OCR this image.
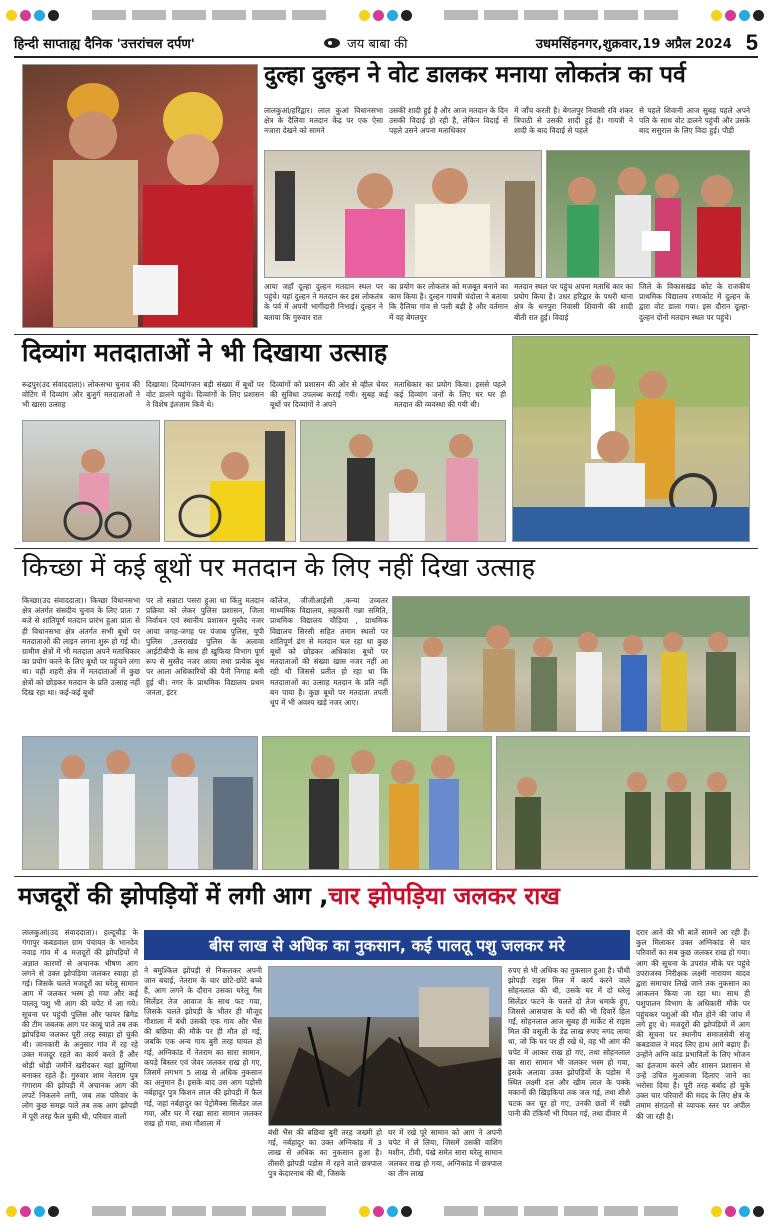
हिन्दी साप्ताह्य दैनिक 'उत्तरांचल दर्पण'	जय बाबा की	उधमसिंहनगर,शुक्रवार,19 अप्रैल 2024 5
दुल्हा दुल्हन ने वोट डालकर मनाया लोकतंत्र का पर्व
लालकुआं/हरिद्वार। लाल कुआं विधानसभा क्षेत्र के दैलिया मतदान केंद्र पर एक ऐसा नजारा देखने को सामने
उसकी शादी हुई है और आज मतदान के दिन उसकी विदाई हो रही है, लेकिन विदाई से पहले उसने अपना मताधिकार
में जाँच करती है। बेगलपुर निवासी रवि शंकर त्रिपाठी से उसकी शादी हुई है। गायत्री ने शादी के बाद विदाई से पहले
से पहले शिवानी आज सुबह पहले अपने पति के साथ वोट डालने पहुंची और उसके बाद ससुराल के लिए विदा हुई। पौड़ी
आया जहाँ दूल्हा दुल्हन मतदान स्थल पर पहुंचे। यहां दुल्हन ने मतदान कर इस लोकतंत्र के पर्व में अपनी भागीदारी निभाई। दुल्हन ने बताया कि गुरुवार रात
का प्रयोग कर लोकतंत्र को मजबूत बनाने का काम किया है। दुल्हन गायत्री चंदोला ने बताया कि दैलिया गांव से पली बढ़ी है और वर्तमान में वह बेगलपुर
मतदान स्थल पर पहुंच अपना मताधि कार का प्रयोग किया है। उधर हरिद्वार के पथरी थाना क्षेत्र के धनपुरा निवासी शिवानी की शादी बीती रात हुई। विदाई
जिले के विकासखंड कोट के राजकीय प्राथमिक विद्यालय रणाकोट में दुल्हन के द्वारा वोट डाला गया। इस दौरान दूल्हा-दुल्हन दोनों मतदान स्थल पर पहुंचे।
दिव्यांग मतदाताओं ने भी दिखाया उत्साह
रूद्रपुर(उद संवाददाता)। लोकसभा चुनाव की वोटिंग में दिव्यांग और बुजुर्ग मतदाताओं ने भी खासा उत्साह
दिखाया। दिव्यांगजन बड़ी संख्या में बूथों पर वोट डालने पहुंचे। दिव्यांगों के लिए प्रशासन ने विशेष इंतजाम किये थे।
दिव्यांगों को प्रशासन की ओर से व्हील चेयर की सुविधा उपलब्ध कराई गयी। सुबह कई बूथों पर दिव्यांगों ने अपने
मताधिकार का प्रयोग किया। इससे पहले कई दिव्यांग जनों के लिए घर घर ही मतदान की व्यवस्था की गयी थी।
किच्छा में कई बूथों पर मतदान के लिए नहीं दिखा उत्साह
किच्छा(उद संवाददाता)। किच्छा विधानसभा क्षेत्र अंतर्गत संसदीय चुनाव के लिए प्रातः 7 बजे से शांतिपूर्ण मतदान प्रारंभ हुआ प्रातः से ही विधानसभा क्षेत्र अंतर्गत सभी बूथों पर मतदाताओं की लाइन लगना शुरू हो गई थी। ग्रामीण क्षेत्रों में भी मतदाता अपने मताधिकार का प्रयोग करने के लिए बूथों पर पहुंचने लगा था। वहीं शहरी क्षेत्र में मतदाताओं में कुछ क्षेत्रों को छोड़कर मतदान के प्रति उत्साह नहीं दिख रहा था। कई-कई बूथों
पर तो सन्नाटा पसरा हुआ था किंतु मतदान प्रक्रिया को लेकर पुलिस प्रशासन, जिला निर्वाचन एवं स्थानीय प्रशासन मुस्तैद नजर आया जगह-जगह पर पंजाब पुलिस, यूपी पुलिस ,उत्तराखंड पुलिस के अलावा आईटीबीपी के साथ ही खुफिया विभाग पूर्ण रूप से मुस्तैद नजर आया तथा प्रत्येक बूथ पर आला अधिकारियों की पैनी निगाह बनी हुई थी। नगर के प्राथमिक विद्यालय प्रथम जनता, इंटर
कॉलेज, जीजीआईसी ,कन्या उच्चतर माध्यमिक विद्यालय, सहकारी गन्ना समिति, प्राथमिक विद्यालय चौड़िया , प्राथमिक विद्यालय सिरसी सहित तमाम स्थलों पर शांतिपूर्ण ढंग से मतदान चल रहा था कुछ बूथों को छोड़कर अधिकांश बूथों पर मतदाताओं की संख्या खास नजर नहीं आ रही थी जिससे प्रतीत हो रहा था कि मतदाताओं का उत्साह मतदान के प्रति नहीं बन पाया है। कुछ बूथों पर मतदाता तपती धूप में भी अवश्य खड़े नजर आए।
मजदूरों की झोपड़ियों में लगी आग ,चार झोपड़िया जलकर राख
लालकुआं(उद संवाददाता)। हल्दूचौड़ के गंगापुर कबडवाल ग्राम पंचायत के भानदेव नवाड़ गांव में 4 मजदूरों की झोपड़ियों में अज्ञात कारणों से अचानक भीषण आग लगने से उक्त झोपड़िया जलकर स्वाहा हो गई। जिसके चलते मजदूरों का घरेलू सामान आग में जलकर भस्म हो गया और कई पालतू पशु भी आग की चपेट में आ गये। सूचना पर पहुंची पुलिस और फायर ब्रिगेड की टीम जबतक आग पर काबू पाते तब तक झोपड़िया जलकर पूरी तरह स्वाहा हो चुकी थी। जानकारी के अनुसार गांव में रह रहे उक्त मजदूर रहते का कार्य करते हैं और थोड़ी थोड़ी जमीनें खरीदकर यहां झुग्गियां बनाकर रहते हैं। गुरुवार शाम नेतराम पुत्र गंगाराम की झोपड़ी में अचानक आग की लपटें निकलने लगी, जब तक परिवार के लोग कुछ समझ पाते तब तक आग झोपड़ी में पूरी तरह फैल चुकी थी, परिवार वालों
बीस लाख से अधिक का नुकसान, कई पालतू पशु जलकर मरे
ने बमुश्किल झोपड़ी से निकलकर अपनी जान बचाई, नेतराम के चार छोटे-छोटे बच्चे हैं, आग लगने के दौरान उसका घरेलू गैस सिलेंडर तेज आवाज के साथ फट गया, जिसके चलते झोपड़ी के भीतर ही मौजूद गौशाला में बंधी उसकी एक गाय और भैंस की बछिया की मौके पर ही मौत हो गई, जबकि एक अन्य गाय बुरी तरह घायल हो गई, अग्निकांड में नेतराम का सारा सामान, कपड़े बिस्तर एवं जेवर जलकर राख हो गए, जिसमें लगभग 5 लाख से अधिक नुकसान का अनुमान है। इसके बाद उस आग पड़ोसी नर्बहादुर पुत्र किशन लाल की झोपड़ी में फैल गई, जहां नर्बहादुर का पेट्रोमैक्स सिलेंडर जल गया, और घर में रखा सारा सामान जलकर राख हो गया, तथा गौशाला में
बंधी भैंस की बछिया बुरी तरह जख्मी हो गई, नर्बहादुर का उक्त अग्निकांड में 3 लाख से अधिक का नुकसान हुआ है। तीसरी झोपड़ी पड़ोस में रहने वाले छत्रपाल पुत्र केदारनाथ की थी, जिसके
घर में रखे पूरे सामान को आग ने अपनी चपेट में ले लिया, जिसमें उसकी वाशिंग मशीन, टीवी, पंखे समेत सारा घरेलू सामान जलकर राख हो गया, अग्निकांड में छत्रपाल का तीन लाख
रुपए से भी अधिक का नुकसान हुआ है। चौथी झोपड़ी राइस मिल में कार्य करने वाले सोहनलाल की थी, उसके घर में दो घरेलू सिलेंडर फटने के चलते दो तेज धमाके हुए, जिससे आसपास के घरों की भी दिवारें हिल गईं, सोहनलाल आज सुबह ही मार्केट से राइस मिल की वसूली के डेढ़ लाख रुपए नगद लाया था, जो कि घर पर ही रखे थे, वह भी आग की चपेट में आकर राख हो गए, तथा सोहनलाल का सारा सामान भी जलकर भस्म हो गया, इसके अलावा उक्त झोपड़ियों के पड़ोस में स्थित लक्ष्मी दत्त और खीम लाल के पक्के मकानों की खिड़कियां तक जल गई, तथा शीशे चटक कर चूर हो गए, उनकी छतों में रखी पानी की टंकियाँ भी पिघल गई, तथा दीवार में
दरार आने की भी बातें सामने आ रही हैं। कुल मिलाकर उक्त अग्निकांड से चार परिवारों का सब कुछ जलकर राख हो गया। आग की सूचना के उपरांत मौके पर पहुंचे उपराजस्व निरीक्षक लक्ष्मी नारायण यादव द्वारा समाचार लिखे जाने तक नुकसान का आकलन किया जा रहा था। साथ ही पशुपालन विभाग के अधिकारी मौके पर पहुंचकर पशुओं की मौत होने की जांच में लगे हुए थे। मजदूरों की झोपड़ियों में आग की सूचना पर स्थानीय समाजसेवी संजू कबडवाल ने मदद लिए हाथ आगे बढ़ाए हैं। उन्होंने अग्नि कांड प्रभावितों के लिए भोजन का इंतजाम करने और शासन प्रशासन से उन्हें उचित मुआवजा दिलाए जाने का भरोसा दिया है। पूरी तरह बर्बाद हो चुके उक्त चार परिवारों की मदद के लिए क्षेत्र के तमाम संगठनों से व्यापक स्तर पर अपील की जा रही है।
